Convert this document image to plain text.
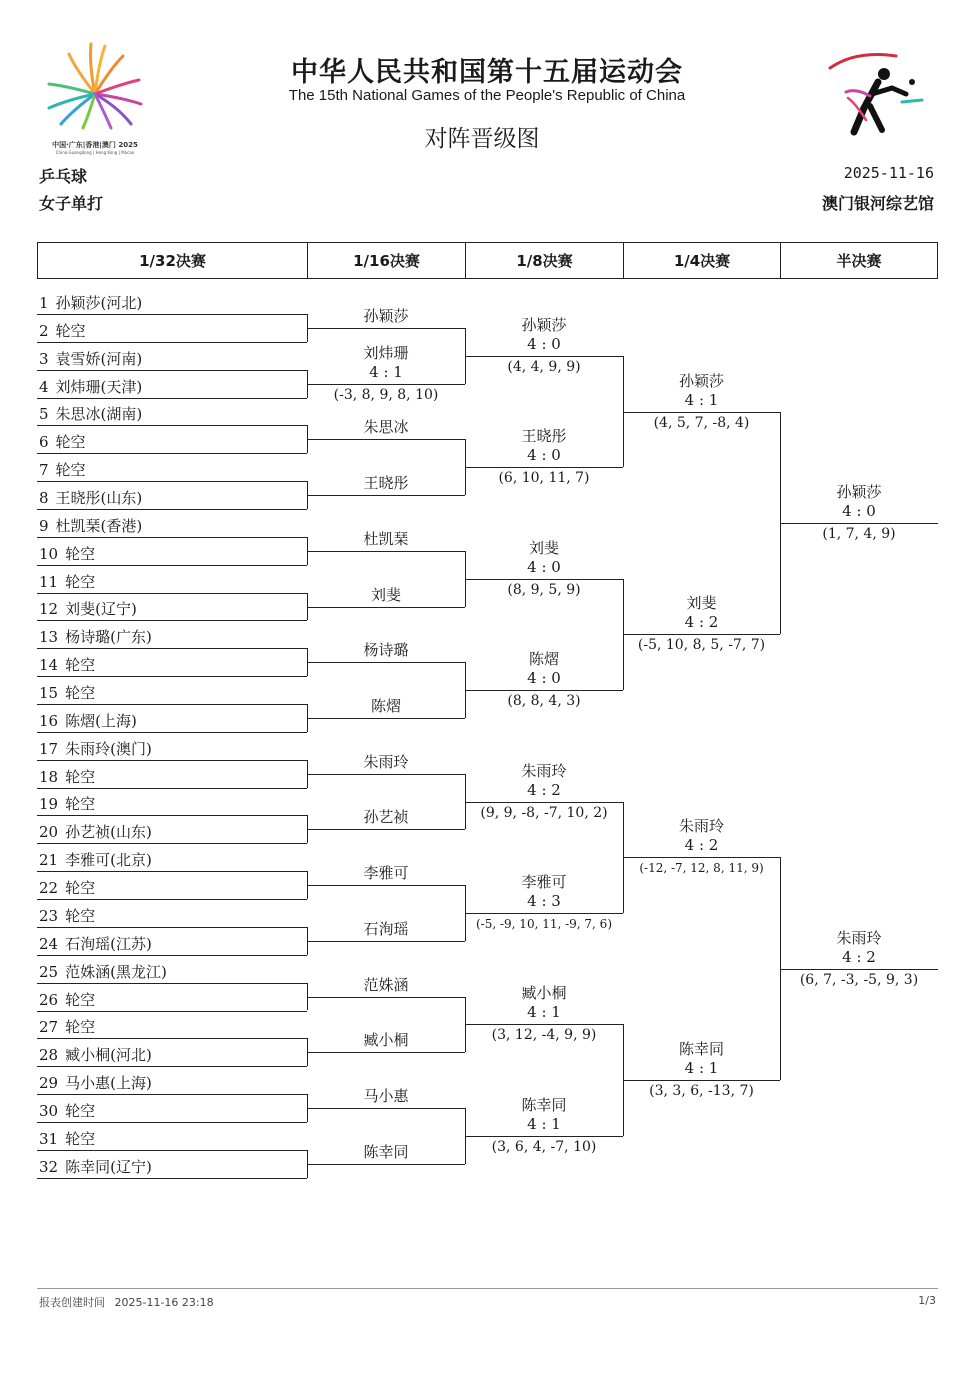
中国·广东|香港|澳门 2025
China·Guangdong | Hong Kong | Macao
中华人民共和国第十五届运动会
The 15th National Games of the People's Republic of China
对阵晋级图
乒乓球
女子单打
2025-11-16
澳门银河综艺馆
1/32决赛	1/16决赛	1/8决赛	1/4决赛	半决赛
1 孙颖莎(河北)
2 轮空
3 袁雪娇(河南)
4 刘炜珊(天津)
5 朱思冰(湖南)
6 轮空
7 轮空
8 王晓彤(山东)
9 杜凯琹(香港)
10 轮空
11 轮空
12 刘斐(辽宁)
13 杨诗璐(广东)
14 轮空
15 轮空
16 陈熠(上海)
17 朱雨玲(澳门)
18 轮空
19 轮空
20 孙艺祯(山东)
21 李雅可(北京)
22 轮空
23 轮空
24 石洵瑶(江苏)
25 范姝涵(黑龙江)
26 轮空
27 轮空
28 臧小桐(河北)
29 马小惠(上海)
30 轮空
31 轮空
32 陈幸同(辽宁)
孙颖莎
刘炜珊
4 : 1
(-3, 8, 9, 8, 10)
朱思冰
王晓彤
杜凯琹
刘斐
杨诗璐
陈熠
朱雨玲
孙艺祯
李雅可
石洵瑶
范姝涵
臧小桐
马小惠
陈幸同
孙颖莎
4 : 0
(4, 4, 9, 9)
王晓彤
4 : 0
(6, 10, 11, 7)
刘斐
4 : 0
(8, 9, 5, 9)
陈熠
4 : 0
(8, 8, 4, 3)
朱雨玲
4 : 2
(9, 9, -8, -7, 10, 2)
李雅可
4 : 3
(-5, -9, 10, 11, -9, 7, 6)
臧小桐
4 : 1
(3, 12, -4, 9, 9)
陈幸同
4 : 1
(3, 6, 4, -7, 10)
孙颖莎
4 : 1
(4, 5, 7, -8, 4)
刘斐
4 : 2
(-5, 10, 8, 5, -7, 7)
朱雨玲
4 : 2
(-12, -7, 12, 8, 11, 9)
陈幸同
4 : 1
(3, 3, 6, -13, 7)
孙颖莎
4 : 0
(1, 7, 4, 9)
朱雨玲
4 : 2
(6, 7, -3, -5, 9, 3)
报表创建时间 2025-11-16 23:18	1/3
